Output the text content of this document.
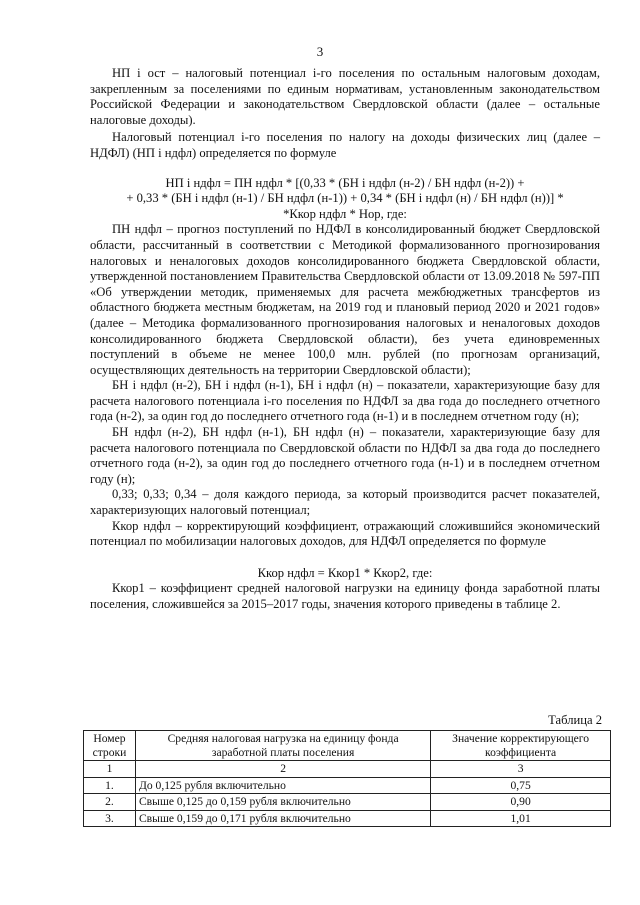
3

НП i ост – налоговый потенциал i-го поселения по остальным налоговым доходам, закрепленным за поселениями по единым нормативам, установленным законодательством Российской Федерации и законодательством Свердловской области (далее – остальные налоговые доходы).

Налоговый потенциал i-го поселения по налогу на доходы физических лиц (далее – НДФЛ) (НП i ндфл) определяется по формуле

НП i ндфл = ПН ндфл * [(0,33 * (БН i ндфл (н-2) / БН ндфл (н-2)) +

+ 0,33 * (БН i ндфл (н-1) / БН ндфл (н-1)) + 0,34 * (БН i ндфл (н) / БН ндфл (н))] *

*Ккор ндфл * Нор, где:

ПН ндфл – прогноз поступлений по НДФЛ в консолидированный бюджет Свердловской области, рассчитанный в соответствии с Методикой формализованного прогнозирования налоговых и неналоговых доходов консолидированного бюджета Свердловской области, утвержденной постановлением Правительства Свердловской области от 13.09.2018 № 597-ПП «Об утверждении методик, применяемых для расчета межбюджетных трансфертов из областного бюджета местным бюджетам, на 2019 год и плановый период 2020 и 2021 годов» (далее – Методика формализованного прогнозирования налоговых и неналоговых доходов консолидированного бюджета Свердловской области), без учета единовременных поступлений в объеме не менее 100,0 млн. рублей (по прогнозам организаций, осуществляющих деятельность на территории Свердловской области);

БН i ндфл (н-2), БН i ндфл (н-1), БН i ндфл (н) – показатели, характеризующие базу для расчета налогового потенциала i-го поселения по НДФЛ за два года до последнего отчетного года (н-2), за один год до последнего отчетного года (н-1) и в последнем отчетном году (н);

БН ндфл (н-2), БН ндфл (н-1), БН ндфл (н) – показатели, характеризующие базу для расчета налогового потенциала по Свердловской области по НДФЛ за два года до последнего отчетного года (н-2), за один год до последнего отчетного года (н-1) и в последнем отчетном году (н);

0,33; 0,33; 0,34 – доля каждого периода, за который производится расчет показателей, характеризующих налоговый потенциал;

Ккор ндфл – корректирующий коэффициент, отражающий сложившийся экономический потенциал по мобилизации налоговых доходов, для НДФЛ определяется по формуле

Ккор ндфл = Ккор1 * Ккор2, где:

Ккор1 – коэффициент средней налоговой нагрузки на единицу фонда заработной платы поселения, сложившейся за 2015–2017 годы, значения которого приведены в таблице 2.

Таблица 2
Номер строки	Средняя налоговая нагрузка на единицу фонда заработной платы поселения	Значение корректирующего коэффициента
1	2	3
1.	До 0,125 рубля включительно	0,75
2.	Свыше 0,125 до 0,159 рубля включительно	0,90
3.	Свыше 0,159 до 0,171 рубля включительно	1,01
